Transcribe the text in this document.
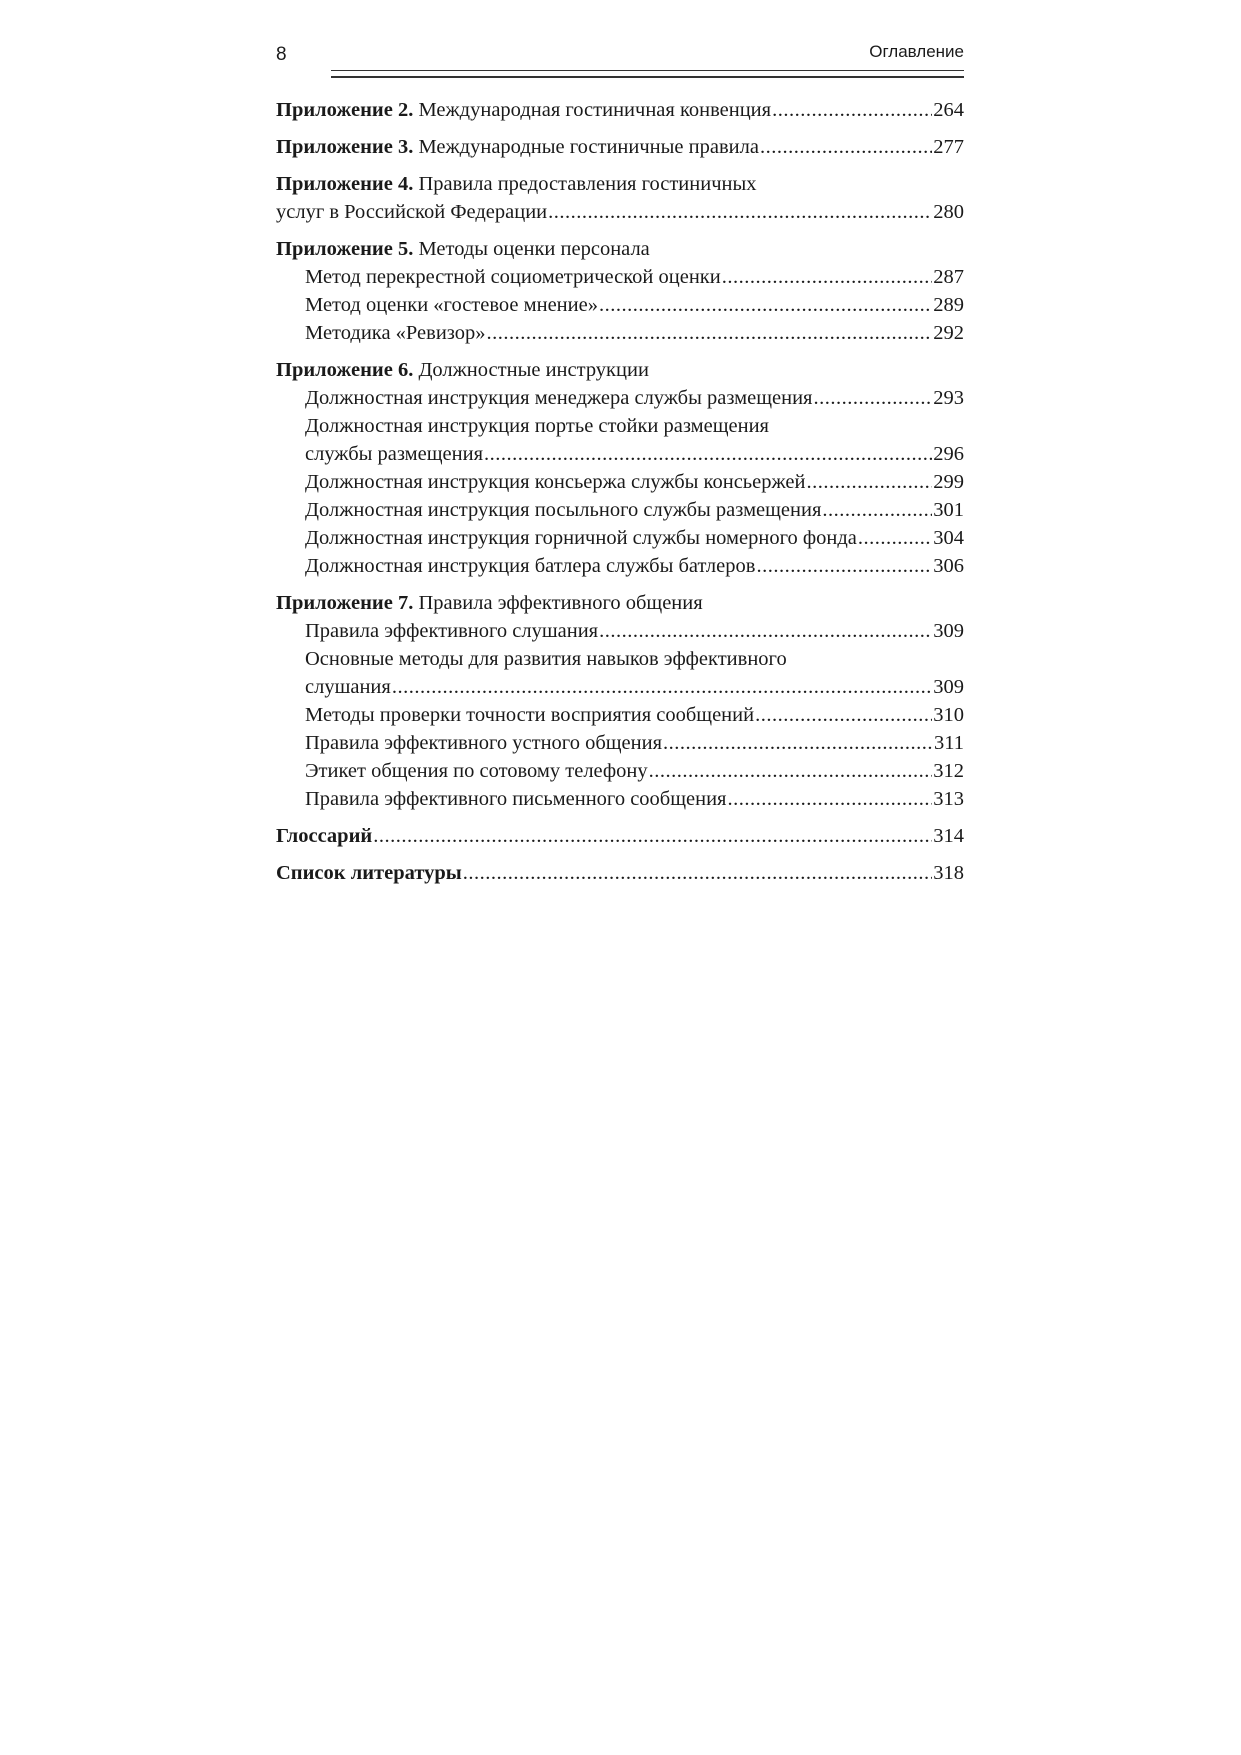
8	Оглавление
Приложение 2. Международная гостиничная конвенция .....	264
Приложение 3. Международные гостиничные правила .....	277
Приложение 4. Правила предоставления гостиничных
услуг в Российской Федерации .....	280
Приложение 5. Методы оценки персонала
Метод перекрестной социометрической оценки .....	287
Метод оценки «гостевое мнение» .....	289
Методика «Ревизор» .....	292
Приложение 6. Должностные инструкции
Должностная инструкция менеджера службы размещения .....	293
Должностная инструкция портье стойки размещения
службы размещения .....	296
Должностная инструкция консьержа службы консьержей .....	299
Должностная инструкция посыльного службы размещения .....	301
Должностная инструкция горничной службы номерного фонда .....	304
Должностная инструкция батлера службы батлеров .....	306
Приложение 7. Правила эффективного общения
Правила эффективного слушания .....	309
Основные методы для развития навыков эффективного
слушания .....	309
Методы проверки точности восприятия сообщений .....	310
Правила эффективного устного общения .....	311
Этикет общения по сотовому телефону .....	312
Правила эффективного письменного сообщения .....	313
Глоссарий .....	314
Список литературы .....	318
